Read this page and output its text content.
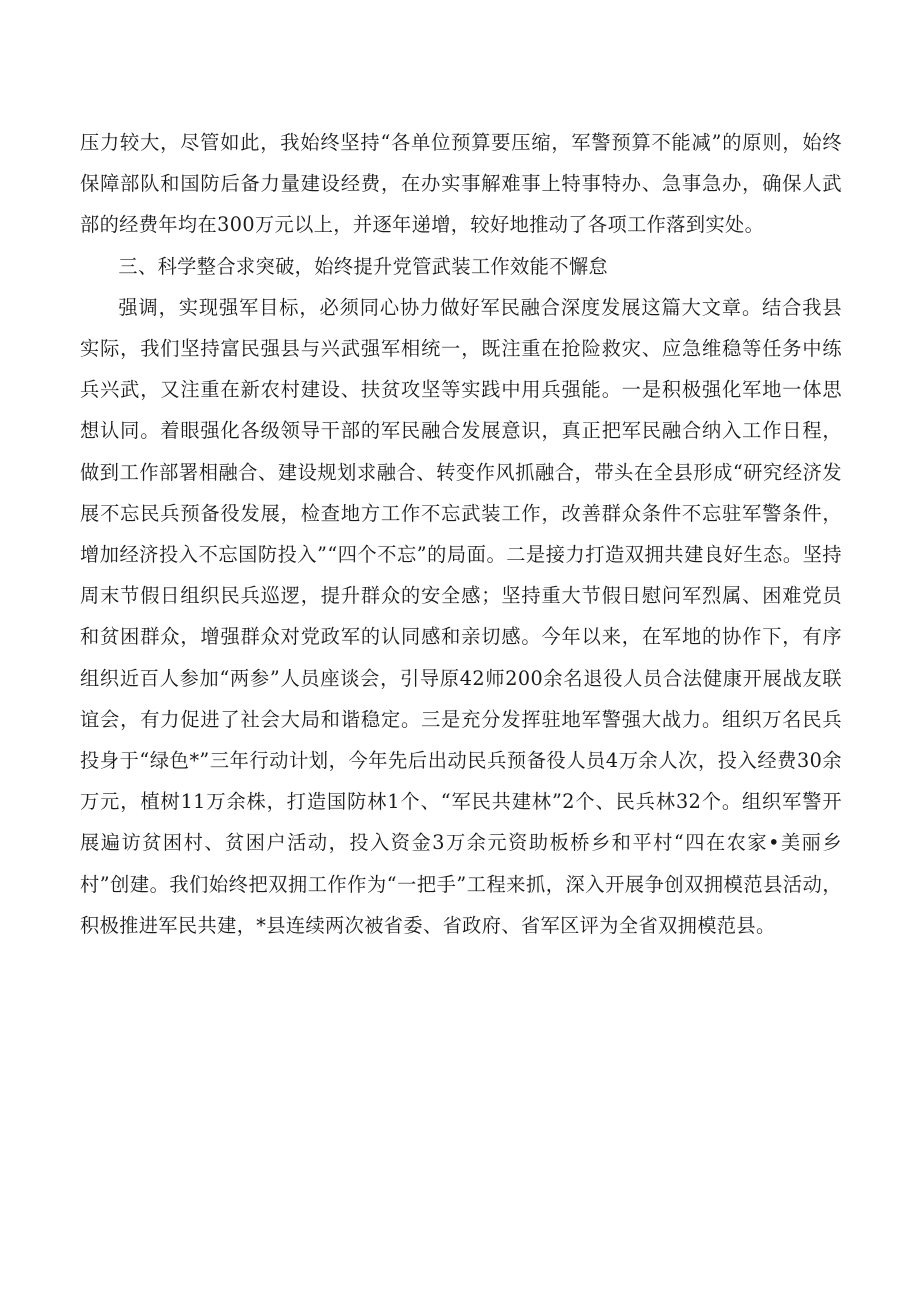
压力较大，尽管如此，我始终坚持“各单位预算要压缩，军警预算不能减”的原则，始终保障部队和国防后备力量建设经费，在办实事解难事上特事特办、急事急办，确保人武部的经费年均在300万元以上，并逐年递增，较好地推动了各项工作落到实处。

三、科学整合求突破，始终提升党管武装工作效能不懈怠

强调，实现强军目标，必须同心协力做好军民融合深度发展这篇大文章。结合我县实际，我们坚持富民强县与兴武强军相统一，既注重在抢险救灾、应急维稳等任务中练兵兴武，又注重在新农村建设、扶贫攻坚等实践中用兵强能。一是积极强化军地一体思想认同。着眼强化各级领导干部的军民融合发展意识，真正把军民融合纳入工作日程，做到工作部署相融合、建设规划求融合、转变作风抓融合，带头在全县形成“研究经济发展不忘民兵预备役发展，检查地方工作不忘武装工作，改善群众条件不忘驻军警条件，增加经济投入不忘国防投入”“四个不忘”的局面。二是接力打造双拥共建良好生态。坚持周末节假日组织民兵巡逻，提升群众的安全感；坚持重大节假日慰问军烈属、困难党员和贫困群众，增强群众对党政军的认同感和亲切感。今年以来，在军地的协作下，有序组织近百人参加“两参”人员座谈会，引导原42师200余名退役人员合法健康开展战友联谊会，有力促进了社会大局和谐稳定。三是充分发挥驻地军警强大战力。组织万名民兵投身于“绿色*”三年行动计划，今年先后出动民兵预备役人员4万余人次，投入经费30余万元，植树11万余株，打造国防林1个、“军民共建林”2个、民兵林32个。组织军警开展遍访贫困村、贫困户活动，投入资金3万余元资助板桥乡和平村“四在农家•美丽乡村”创建。我们始终把双拥工作作为“一把手”工程来抓，深入开展争创双拥模范县活动，积极推进军民共建，*县连续两次被省委、省政府、省军区评为全省双拥模范县。
